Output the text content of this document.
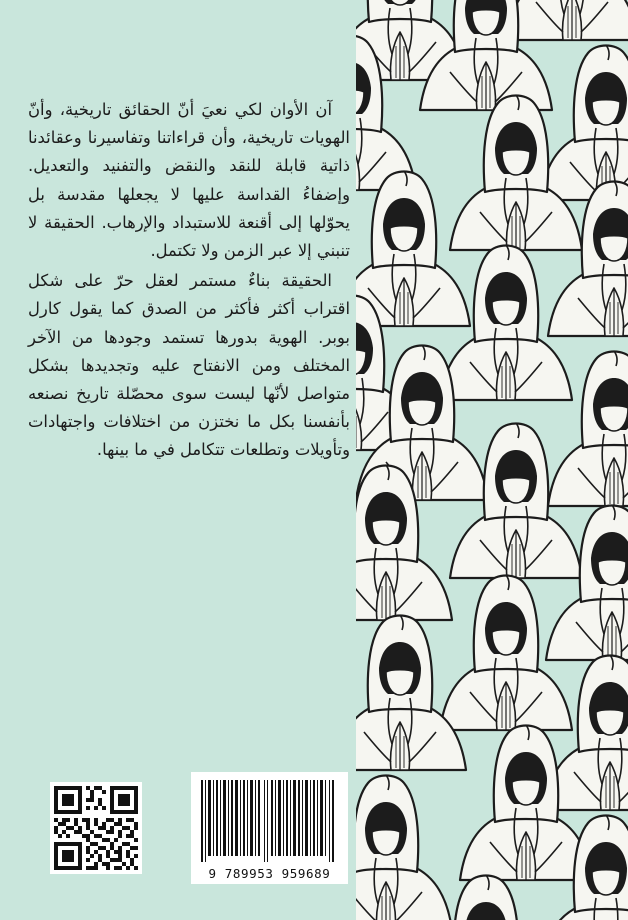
آن الأوان لكي نعيَ أنّ الحقائق تاريخية، وأنّ الهويات تاريخية، وأن قراءاتنا وتفاسيرنا وعقائدنا ذاتية قابلة للنقد والنقض والتفنيد والتعديل. وإضفاءُ القداسة عليها لا يجعلها مقدسة بل يحوّلها إلى أقنعة للاستبداد والإرهاب. الحقيقة لا تنبني إلا عبر الزمن ولا تكتمل.

الحقيقة بناءٌ مستمر لعقل حرّ على شكل اقتراب أكثر فأكثر من الصدق كما يقول كارل بوبر. الهوية بدورها تستمد وجودها من الآخر المختلف ومن الانفتاح عليه وتجديدها بشكل متواصل لأنّها ليست سوى محصّلة تاريخ نصنعه بأنفسنا بكل ما نختزن من اختلافات واجتهادات وتأويلات وتطلعات تتكامل في ما بينها.

9 789953 959689
